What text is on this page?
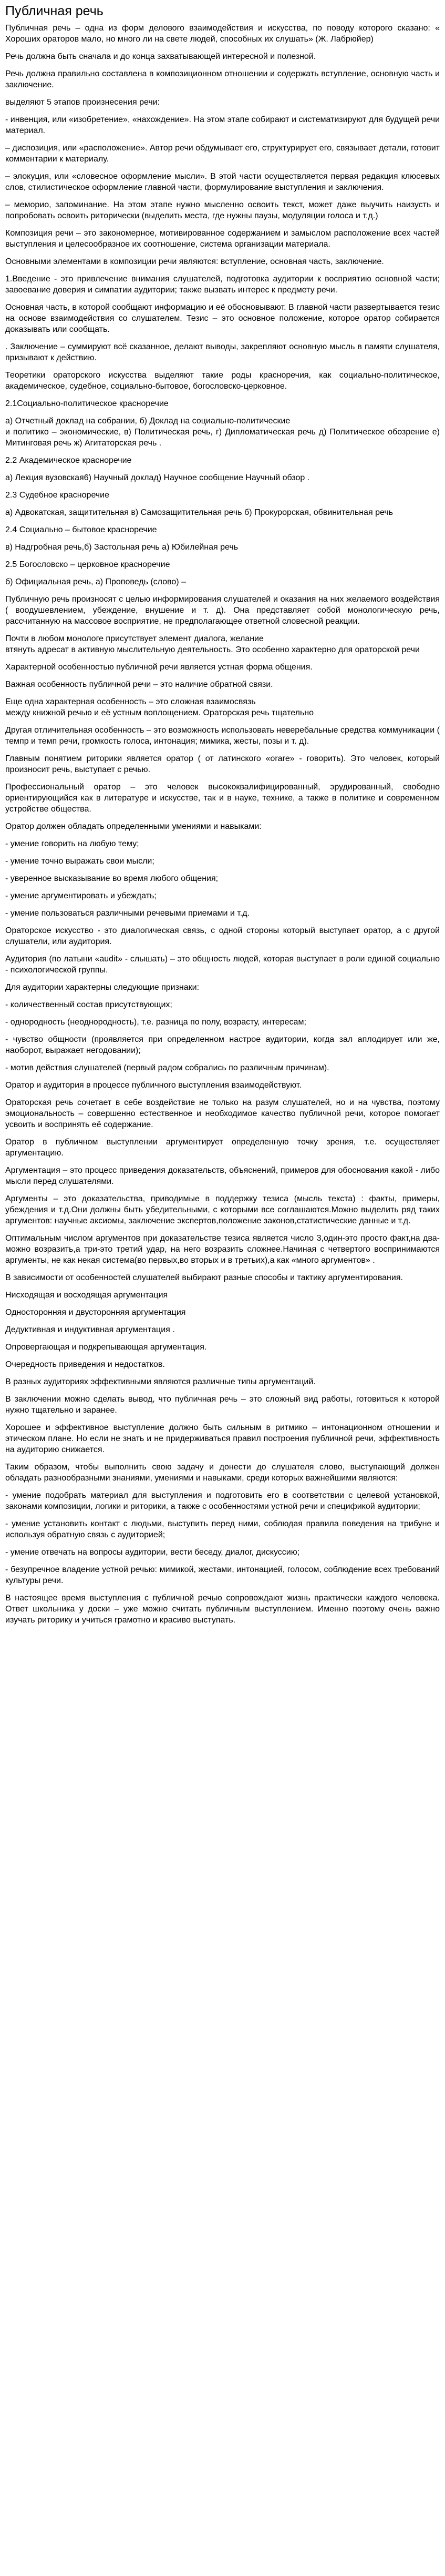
Публичная речь

Публичная речь – одна из форм делового взаимодействия и искусства, по поводу которого сказано: « Хороших ораторов мало, но много ли на свете людей, способных их слушать» (Ж. Лабрюйер)

Речь должна быть сначала и до конца захватывающей интересной и полезной.

Речь должна правильно составлена в композиционном отношении и содержать вступление, основную часть и заключение.

выделяют 5 этапов произнесения речи:

- инвенция, или «изобретение», «нахождение». На этом этапе собирают и систематизируют для будущей речи материал.

– диспозиция, или «расположение». Автор речи обдумывает его, структурирует его, связывает детали, готовит комментарии к материалу.

– элокуция, или «словесное оформление мысли». В этой части осуществляется первая редакция клюсевых слов, стилистическое оформление главной части, формулирование выступления и заключения.

– меморио, запоминание. На этом этапе нужно мысленно освоить текст, может даже выучить наизусть и попробовать освоить риторически (выделить места, где нужны паузы, модуляции голоса и т.д.)

Композиция речи – это закономерное, мотивированное содержанием и замыслом расположение всех частей выступления и целесообразное их соотношение, система организации материала.

Основными элементами в композиции речи являются: вступление, основная часть, заключение.

1.Введение - это привлечение внимания слушателей, подготовка аудитории к восприятию основной части; завоевание доверия и симпатии аудитории; также вызвать интерес к предмету речи.

Основная часть, в которой сообщают информацию и её обосновывают. В главной части развертывается тезис на основе взаимодействия со слушателем. Тезис – это основное положение, которое оратор собирается доказывать или сообщать.

. Заключение – суммируют всё сказанное, делают выводы, закрепляют основную мысль в памяти слушателя, призывают к действию.

Теоретики ораторского искусства выделяют такие роды красноречия, как социально-политическое, академическое, судебное, социально-бытовое, богословско-церковное.

2.1Социально-политическое красноречие

а) Отчетный доклад на собрании, б) Доклад на социально-политические
и политико – экономические, в) Политическая речь, г) Дипломатическая речь д) Политическое обозрение е) Митинговая речь ж) Агитаторская речь .

2.2 Академическое красноречие

а) Лекция вузовская6) Научный доклад) Научное сообщение Научный обзор .

2.3 Судебное красноречие

а) Адвокатская, защитительная в) Самозащитительная речь б) Прокурорская, обвинительная речь

2.4 Социально – бытовое красноречие

в) Надгробная речь,б) Застольная речь а) Юбилейная речь

2.5 Богословско – церковное красноречие

б) Официальная речь, а) Проповедь (слово) –

Публичную речь произносят с целью информирования слушателей и оказания на них желаемого воздействия ( воодушевлением, убеждение, внушение и т. д). Она представляет собой монологическую речь, рассчитанную на массовое восприятие, не предполагающее ответной словесной реакции.

Почти в любом монологе присутствует элемент диалога, желание
втянуть адресат в активную мыслительную деятельность. Это особенно характерно для ораторской речи

Характерной особенностью публичной речи является устная форма общения.

Важная особенность публичной речи – это наличие обратной связи.

Еще одна характерная особенность – это сложная взаимосвязь
между книжной речью и её устным воплощением. Ораторская речь тщательно

Другая отличительная особенность – это возможность использовать неверебальные средства коммуникации ( темпр и темп речи, громкость голоса, интонация; мимика, жесты, позы и т. д).

Главным понятием риторики является оратор ( от латинского «orare» - говорить). Это человек, который произносит речь, выступает с речью.

Профессиональный оратор – это человек высококвалифицированный, эрудированный, свободно ориентирующийся как в литературе и искусстве, так и в науке, технике, а также в политике и современном устройстве общества.

Оратор должен обладать определенными умениями и навыками:

- умение говорить на любую тему;

- умение точно выражать свои мысли;

- уверенное высказывание во время любого общения;

- умение аргументировать и убеждать;

- умение пользоваться различными речевыми приемами и т.д.

Ораторское искусство - это диалогическая связь, с одной стороны который выступает оратор, а с другой слушатели, или аудитория.

Аудитория (по латыни «audit» - слышать) – это общность людей, которая выступает в роли единой социально - психологической группы.

Для аудитории характерны следующие признаки:

- количественный состав присутствующих;

- однородность (неоднородность), т.е. разница по полу, возрасту, интересам;

- чувство общности (проявляется при определенном настрое аудитории, когда зал аплодирует или же, наоборот, выражает негодовании);

- мотив действия слушателей (первый радом собрались по различным причинам).

Оратор и аудитория в процессе публичного выступления взаимодействуют.

Ораторская речь сочетает в себе воздействие не только на разум слушателей, но и на чувства, поэтому эмоциональность – совершенно естественное и необходимое качество публичной речи, которое помогает усвоить и воспринять её содержание.

Оратор в публичном выступлении аргументирует определенную точку зрения, т.е. осуществляет аргументацию.

Аргументация – это процесс приведения доказательств, объяснений, примеров для обоснования какой - либо мысли перед слушателями.

Аргументы – это доказательства, приводимые в поддержку тезиса (мысль текста) : факты, примеры, убеждения и т.д.Они должны быть убедительными, с которыми все соглашаются.Можно выделить ряд таких аргументов: научные аксиомы, заключение экспертов,положение законов,статистические данные и т.д.

Оптимальным числом аргументов при доказательстве тезиса является число 3,один-это просто факт,на два-можно возразить,а три-это третий удар, на него возразить сложнее.Начиная с четвертого воспринимаются аргументы, не как некая система(во первых,во вторых и в третьих),а как «много аргументов» .

В зависимости от особенностей слушателей выбирают разные способы и тактику аргументирования.

Нисходящая и восходящая аргументация

Односторонняя и двусторонняя аргументация

Дедуктивная и индуктивная аргументация .

Опровергающая и подкрепывающая аргументация.

Очередность приведения и недостатков.

В разных аудиториях эффективными являются различные типы аргументаций.

В заключении можно сделать вывод, что публичная речь – это сложный вид работы, готовиться к которой нужно тщательно и заранее.

Хорошее и эффективное выступление должно быть сильным в ритмико – интонационном отношении и этическом плане. Но если не знать и не придерживаться правил построения публичной речи, эффективность на аудиторию снижается.

Таким образом, чтобы выполнить свою задачу и донести до слушателя слово, выступающий должен обладать разнообразными знаниями, умениями и навыками, среди которых важнейшими являются:

- умение подобрать материал для выступления и подготовить его в соответствии с целевой установкой, законами композиции, логики и риторики, а также с особенностями устной речи и спецификой аудитории;

- умение установить контакт с людьми, выступить перед ними, соблюдая правила поведения на трибуне и используя обратную связь с аудиторией;

- умение отвечать на вопросы аудитории, вести беседу, диалог, дискуссию;

- безупречное владение устной речью: мимикой, жестами, интонацией, голосом, соблюдение всех требований культуры речи.

В настоящее время выступления с публичной речью сопровождают жизнь практически каждого человека. Ответ школьника у доски – уже можно считать публичным выступлением. Именно поэтому очень важно изучать риторику и учиться грамотно и красиво выступать.
